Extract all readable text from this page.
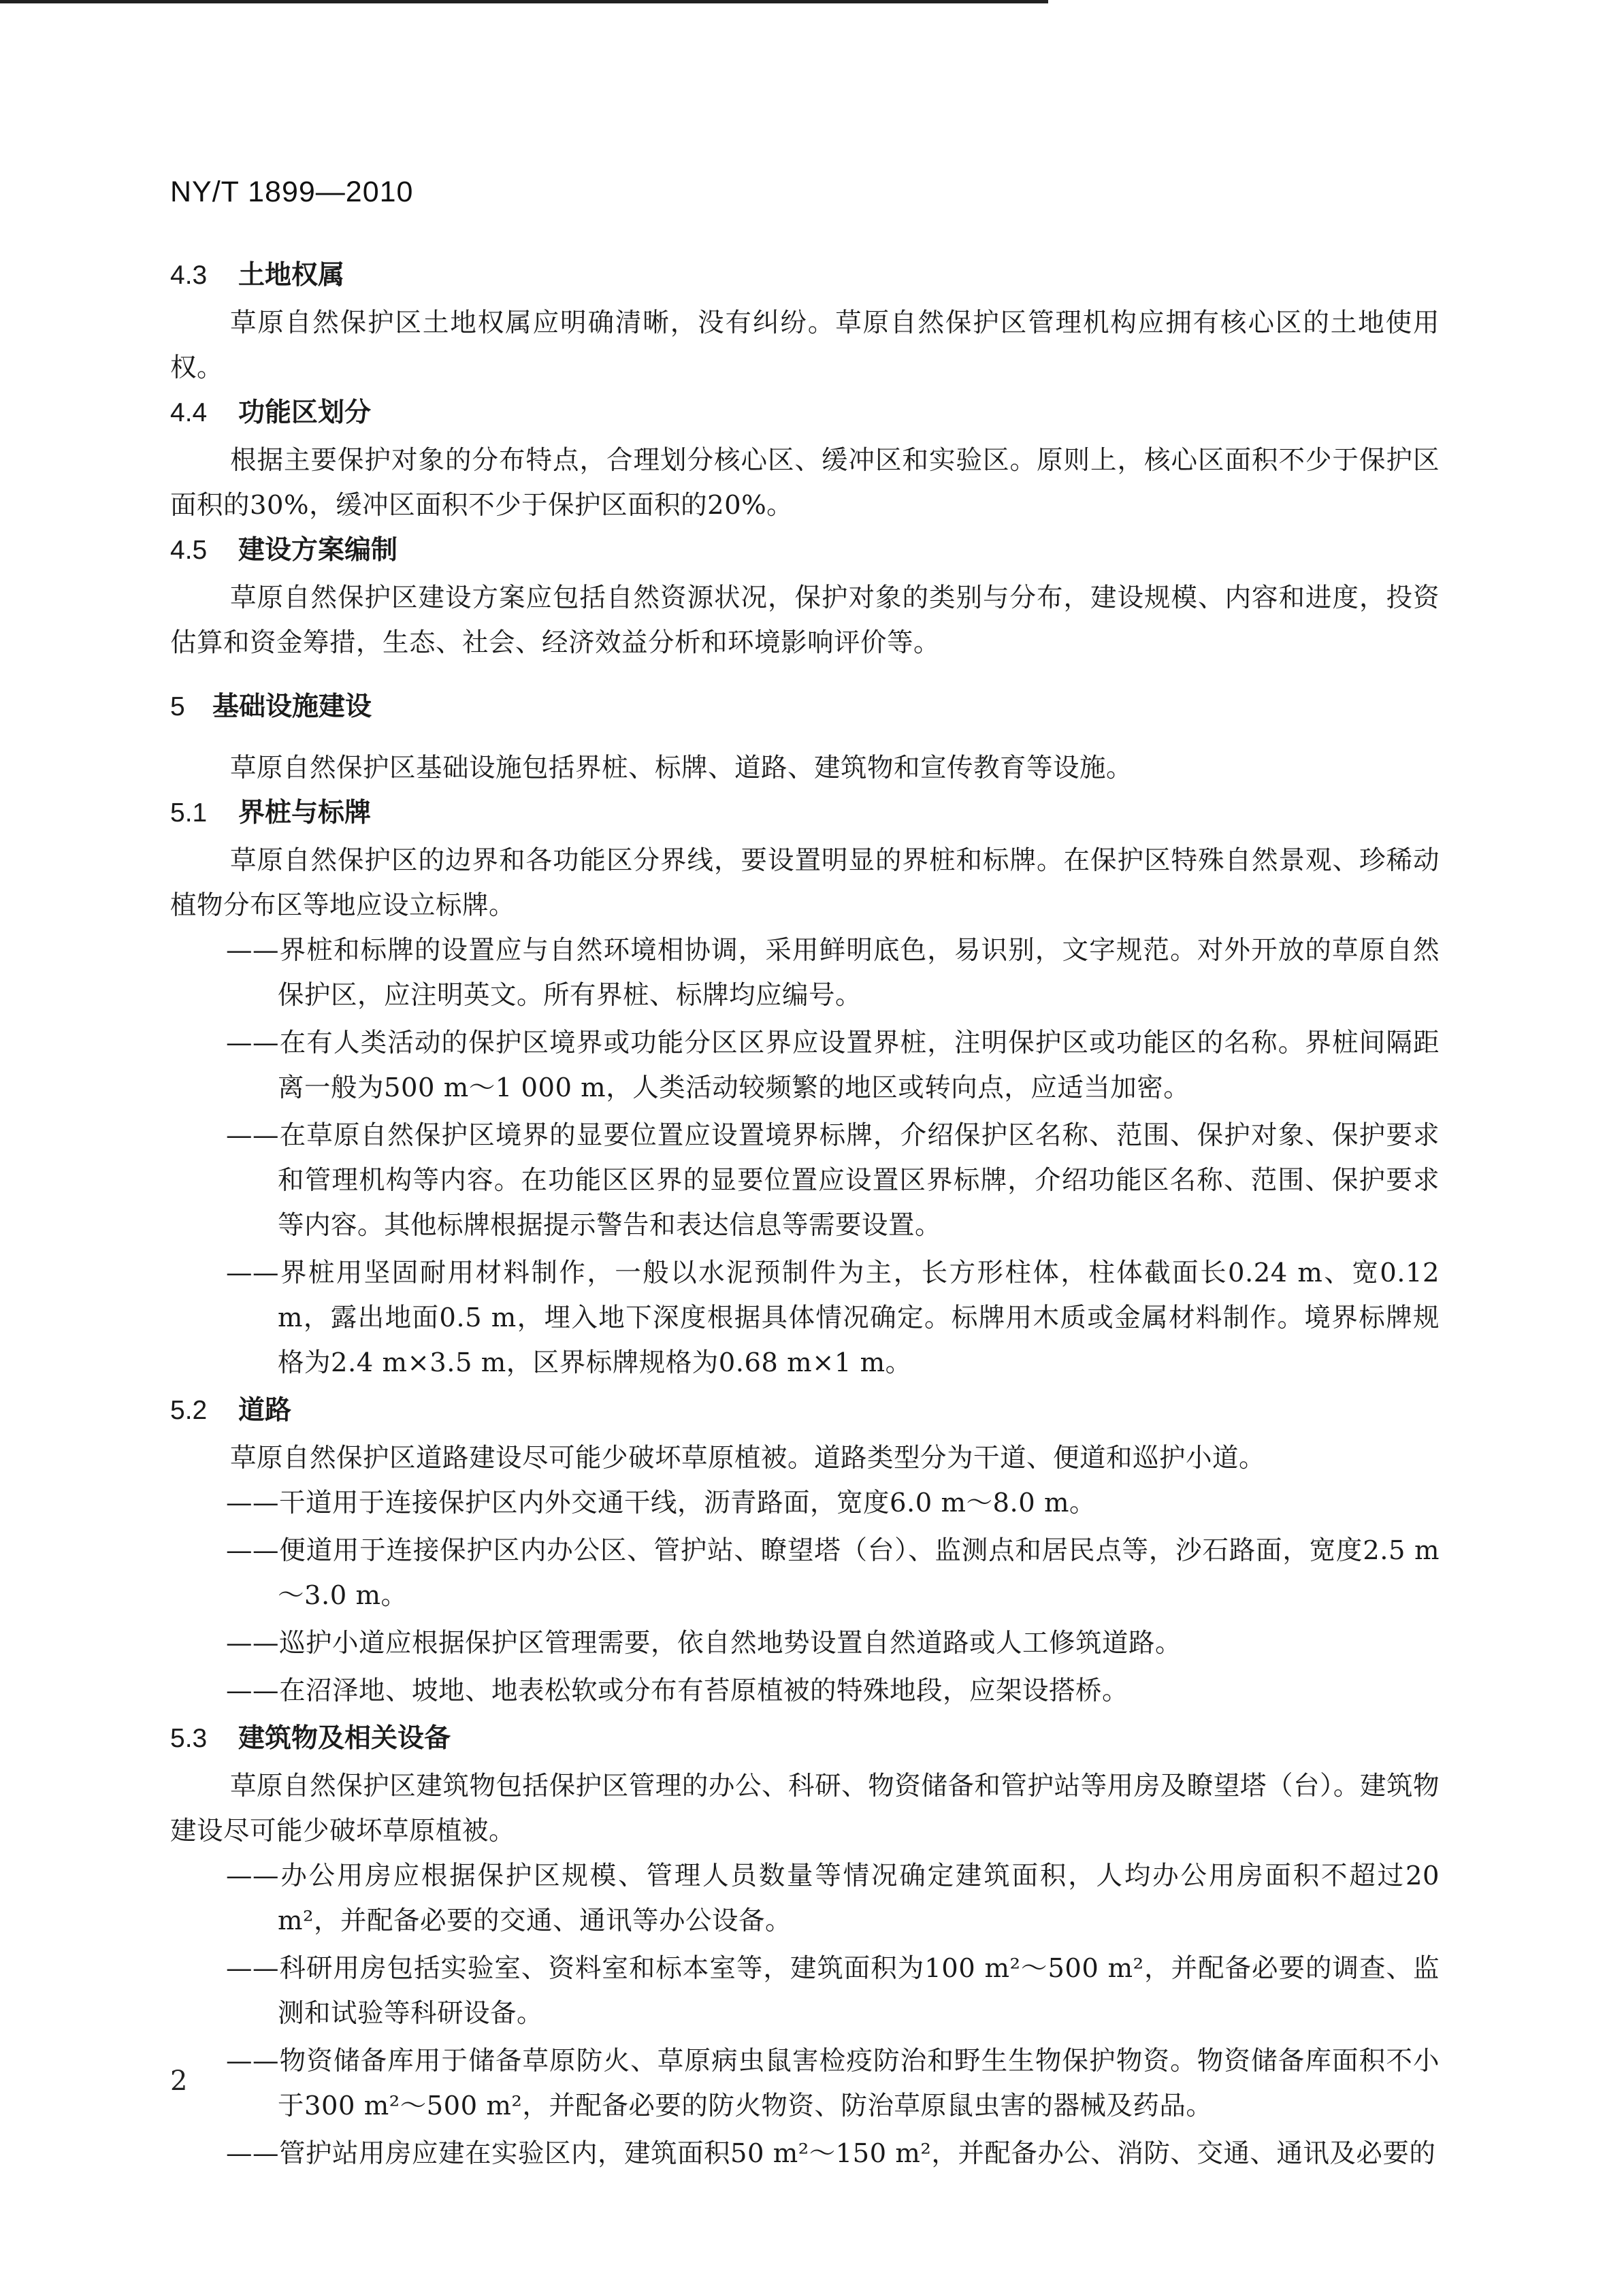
NY/T 1899—2010
4.3 土地权属

草原自然保护区土地权属应明确清晰，没有纠纷。草原自然保护区管理机构应拥有核心区的土地使用权。

4.4 功能区划分

根据主要保护对象的分布特点，合理划分核心区、缓冲区和实验区。原则上，核心区面积不少于保护区面积的30%，缓冲区面积不少于保护区面积的20%。

4.5 建设方案编制

草原自然保护区建设方案应包括自然资源状况，保护对象的类别与分布，建设规模、内容和进度，投资估算和资金筹措，生态、社会、经济效益分析和环境影响评价等。

5 基础设施建设

草原自然保护区基础设施包括界桩、标牌、道路、建筑物和宣传教育等设施。

5.1 界桩与标牌

草原自然保护区的边界和各功能区分界线，要设置明显的界桩和标牌。在保护区特殊自然景观、珍稀动植物分布区等地应设立标牌。

——界桩和标牌的设置应与自然环境相协调，采用鲜明底色，易识别，文字规范。对外开放的草原自然保护区，应注明英文。所有界桩、标牌均应编号。

——在有人类活动的保护区境界或功能分区区界应设置界桩，注明保护区或功能区的名称。界桩间隔距离一般为500 m～1 000 m，人类活动较频繁的地区或转向点，应适当加密。

——在草原自然保护区境界的显要位置应设置境界标牌，介绍保护区名称、范围、保护对象、保护要求和管理机构等内容。在功能区区界的显要位置应设置区界标牌，介绍功能区名称、范围、保护要求等内容。其他标牌根据提示警告和表达信息等需要设置。

——界桩用坚固耐用材料制作，一般以水泥预制件为主，长方形柱体，柱体截面长0.24 m、宽0.12 m，露出地面0.5 m，埋入地下深度根据具体情况确定。标牌用木质或金属材料制作。境界标牌规格为2.4 m×3.5 m，区界标牌规格为0.68 m×1 m。

5.2 道路

草原自然保护区道路建设尽可能少破坏草原植被。道路类型分为干道、便道和巡护小道。

——干道用于连接保护区内外交通干线，沥青路面，宽度6.0 m～8.0 m。

——便道用于连接保护区内办公区、管护站、瞭望塔（台）、监测点和居民点等，沙石路面，宽度2.5 m～3.0 m。

——巡护小道应根据保护区管理需要，依自然地势设置自然道路或人工修筑道路。

——在沼泽地、坡地、地表松软或分布有苔原植被的特殊地段，应架设搭桥。

5.3 建筑物及相关设备

草原自然保护区建筑物包括保护区管理的办公、科研、物资储备和管护站等用房及瞭望塔（台）。建筑物建设尽可能少破坏草原植被。

——办公用房应根据保护区规模、管理人员数量等情况确定建筑面积，人均办公用房面积不超过20 m²，并配备必要的交通、通讯等办公设备。

——科研用房包括实验室、资料室和标本室等，建筑面积为100 m²～500 m²，并配备必要的调查、监测和试验等科研设备。

——物资储备库用于储备草原防火、草原病虫鼠害检疫防治和野生生物保护物资。物资储备库面积不小于300 m²～500 m²，并配备必要的防火物资、防治草原鼠虫害的器械及药品。

——管护站用房应建在实验区内，建筑面积50 m²～150 m²，并配备办公、消防、交通、通讯及必要的

2
